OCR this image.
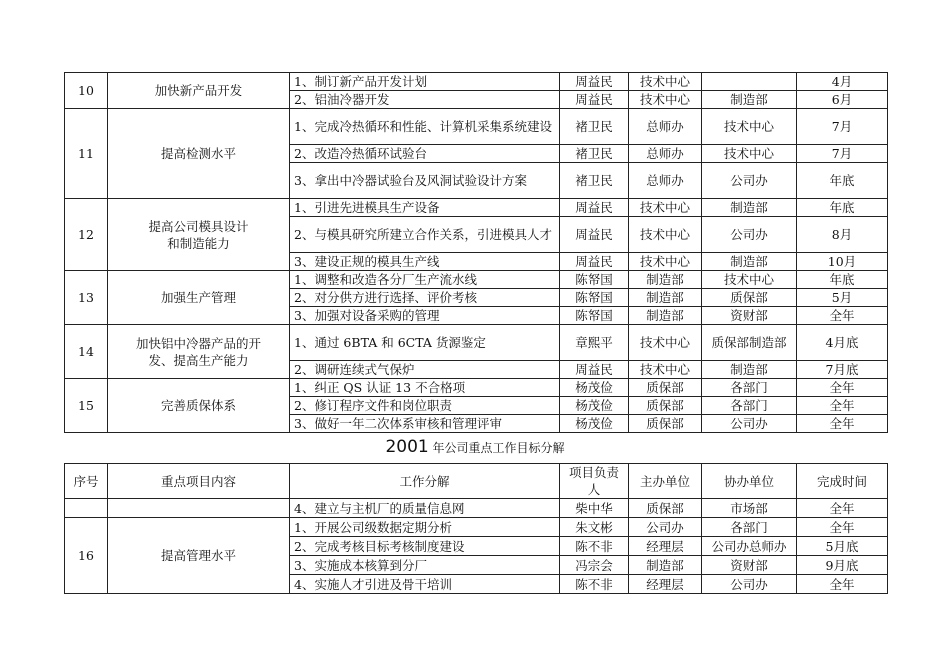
10	加快新产品开发	1、制订新产品开发计划	周益民	技术中心		4月
		2、铝油冷器开发	周益民	技术中心	制造部	6月
11	提高检测水平	1、完成冷热循环和性能、计算机采集系统建设	褚卫民	总师办	技术中心	7月
		2、改造冷热循环试验台	褚卫民	总师办	技术中心	7月
		3、拿出中冷器试验台及风洞试验设计方案	褚卫民	总师办	公司办	年底
12	提高公司模具设计
和制造能力	1、引进先进模具生产设备	周益民	技术中心	制造部	年底
		2、与模具研究所建立合作关系，引进模具人才	周益民	技术中心	公司办	8月
		3、建设正规的模具生产线	周益民	技术中心	制造部	10月
13	加强生产管理	1、调整和改造各分厂生产流水线	陈帑国	制造部	技术中心	年底
		2、对分供方进行选择、评价考核	陈帑国	制造部	质保部	5月
		3、加强对设备采购的管理	陈帑国	制造部	资财部	全年
14	加快铝中冷器产品的开
发、提高生产能力	1、通过 6BTA 和 6CTA 货源鉴定	章熙平	技术中心	质保部制造部	4月底
		2、调研连续式气保炉	周益民	技术中心	制造部	7月底
15	完善质保体系	1、纠正 QS 认证 13 不合格项	杨茂俭	质保部	各部门	全年
		2、修订程序文件和岗位职责	杨茂俭	质保部	各部门	全年
		3、做好一年二次体系审核和管理评审	杨茂俭	质保部	公司办	全年
2001 年公司重点工作目标分解
序号	重点项目内容	工作分解	项目负责人	主办单位	协办单位	完成时间
		4、建立与主机厂的质量信息网	柴中华	质保部	市场部	全年
16	提高管理水平	1、开展公司级数据定期分析	朱文彬	公司办	各部门	全年
		2、完成考核目标考核制度建设	陈不非	经理层	公司办总师办	5月底
		3、实施成本核算到分厂	冯宗会	制造部	资财部	9月底
		4、实施人才引进及骨干培训	陈不非	经理层	公司办	全年
